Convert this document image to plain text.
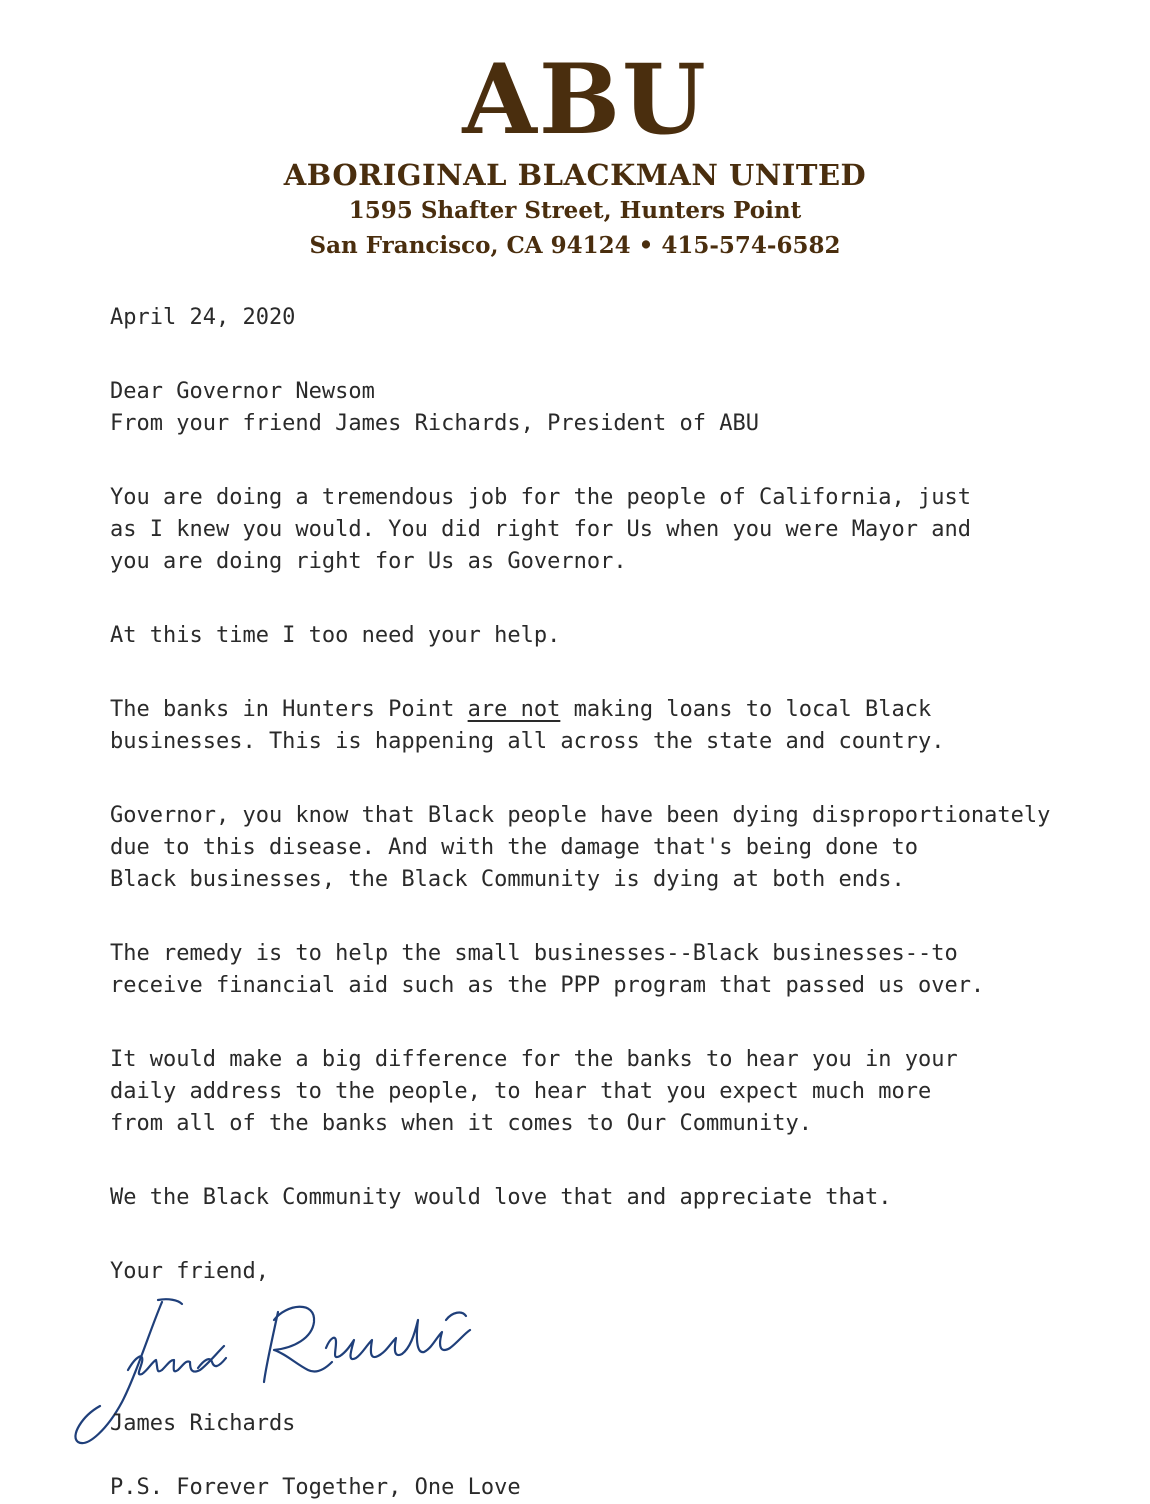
ABU
ABORIGINAL BLACKMAN UNITED
1595 Shafter Street, Hunters Point
San Francisco, CA 94124 • 415-574-6582

April 24, 2020

Dear Governor Newsom
From your friend James Richards, President of ABU

You are doing a tremendous job for the people of California, just
as I knew you would. You did right for Us when you were Mayor and
you are doing right for Us as Governor.

At this time I too need your help.

The banks in Hunters Point are not making loans to local Black
businesses. This is happening all across the state and country.

Governor, you know that Black people have been dying disproportionately
due to this disease. And with the damage that's being done to
Black businesses, the Black Community is dying at both ends.

The remedy is to help the small businesses--Black businesses--to
receive financial aid such as the PPP program that passed us over.

It would make a big difference for the banks to hear you in your
daily address to the people, to hear that you expect much more
from all of the banks when it comes to Our Community.

We the Black Community would love that and appreciate that.

Your friend,

James Richards
P.S. Forever Together, One Love
